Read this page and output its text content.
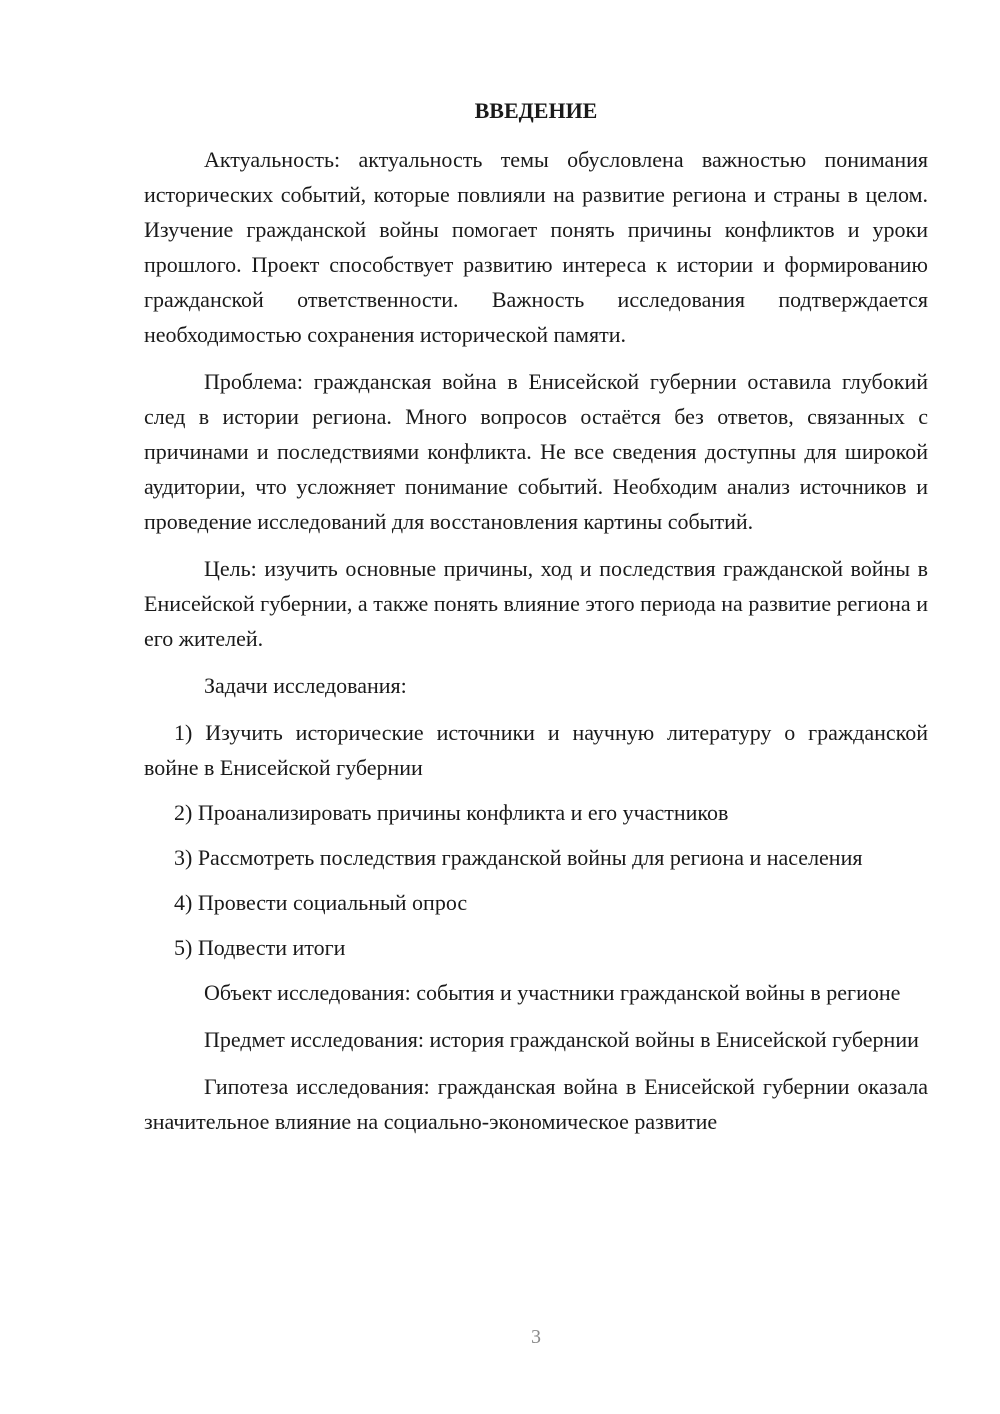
ВВЕДЕНИЕ

Актуальность: актуальность темы обусловлена важностью понимания исторических событий, которые повлияли на развитие региона и страны в целом. Изучение гражданской войны помогает понять причины конфликтов и уроки прошлого. Проект способствует развитию интереса к истории и формированию гражданской ответственности. Важность исследования подтверждается необходимостью сохранения исторической памяти.

Проблема: гражданская война в Енисейской губернии оставила глубокий след в истории региона. Много вопросов остаётся без ответов, связанных с причинами и последствиями конфликта. Не все сведения доступны для широкой аудитории, что усложняет понимание событий. Необходим анализ источников и проведение исследований для восстановления картины событий.

Цель: изучить основные причины, ход и последствия гражданской войны в Енисейской губернии, а также понять влияние этого периода на развитие региона и его жителей.

Задачи исследования:

1) Изучить исторические источники и научную литературу о гражданской войне в Енисейской губернии

2) Проанализировать причины конфликта и его участников

3) Рассмотреть последствия гражданской войны для региона и населения

4) Провести социальный опрос

5) Подвести итоги

Объект исследования: события и участники гражданской войны в регионе

Предмет исследования: история гражданской войны в Енисейской губернии

Гипотеза исследования: гражданская война в Енисейской губернии оказала значительное влияние на социально-экономическое развитие

3
